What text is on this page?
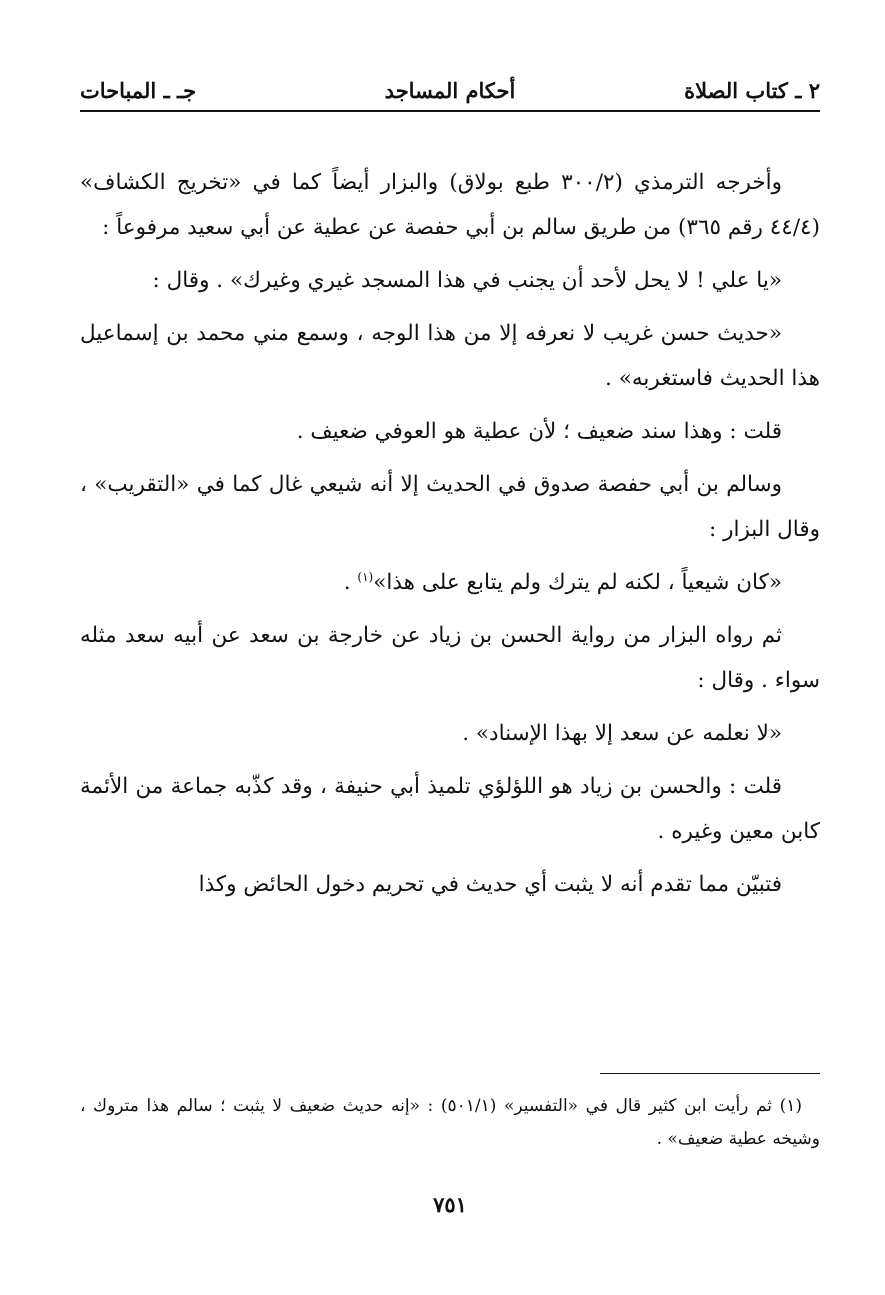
٢ ـ كتاب الصلاة
أحكام المساجد
جـ ـ المباحات

وأخرجه الترمذي (٣٠٠/٢ طبع بولاق) والبزار أيضاً كما في «تخريج الكشاف» (٤٤/٤ رقم ٣٦٥) من طريق سالم بن أبي حفصة عن عطية عن أبي سعيد مرفوعاً :

«يا علي ! لا يحل لأحد أن يجنب في هذا المسجد غيري وغيرك» . وقال :

«حديث حسن غريب لا نعرفه إلا من هذا الوجه ، وسمع مني محمد بن إسماعيل هذا الحديث فاستغربه» .

قلت : وهذا سند ضعيف ؛ لأن عطية هو العوفي ضعيف .

وسالم بن أبي حفصة صدوق في الحديث إلا أنه شيعي غال كما في «التقريب» ، وقال البزار :

«كان شيعياً ، لكنه لم يترك ولم يتابع على هذا»$^{(١)}$ .

ثم رواه البزار من رواية الحسن بن زياد عن خارجة بن سعد عن أبيه سعد مثله سواء . وقال :

«لا نعلمه عن سعد إلا بهذا الإسناد» .

قلت : والحسن بن زياد هو اللؤلؤي تلميذ أبي حنيفة ، وقد كذّبه جماعة من الأئمة كابن معين وغيره .

فتبيّن مما تقدم أنه لا يثبت أي حديث في تحريم دخول الحائض وكذا

(١) ثم رأيت ابن كثير قال في «التفسير» (٥٠١/١) : «إنه حديث ضعيف لا يثبت ؛ سالم هذا متروك ، وشيخه عطية ضعيف» .

٧٥١
